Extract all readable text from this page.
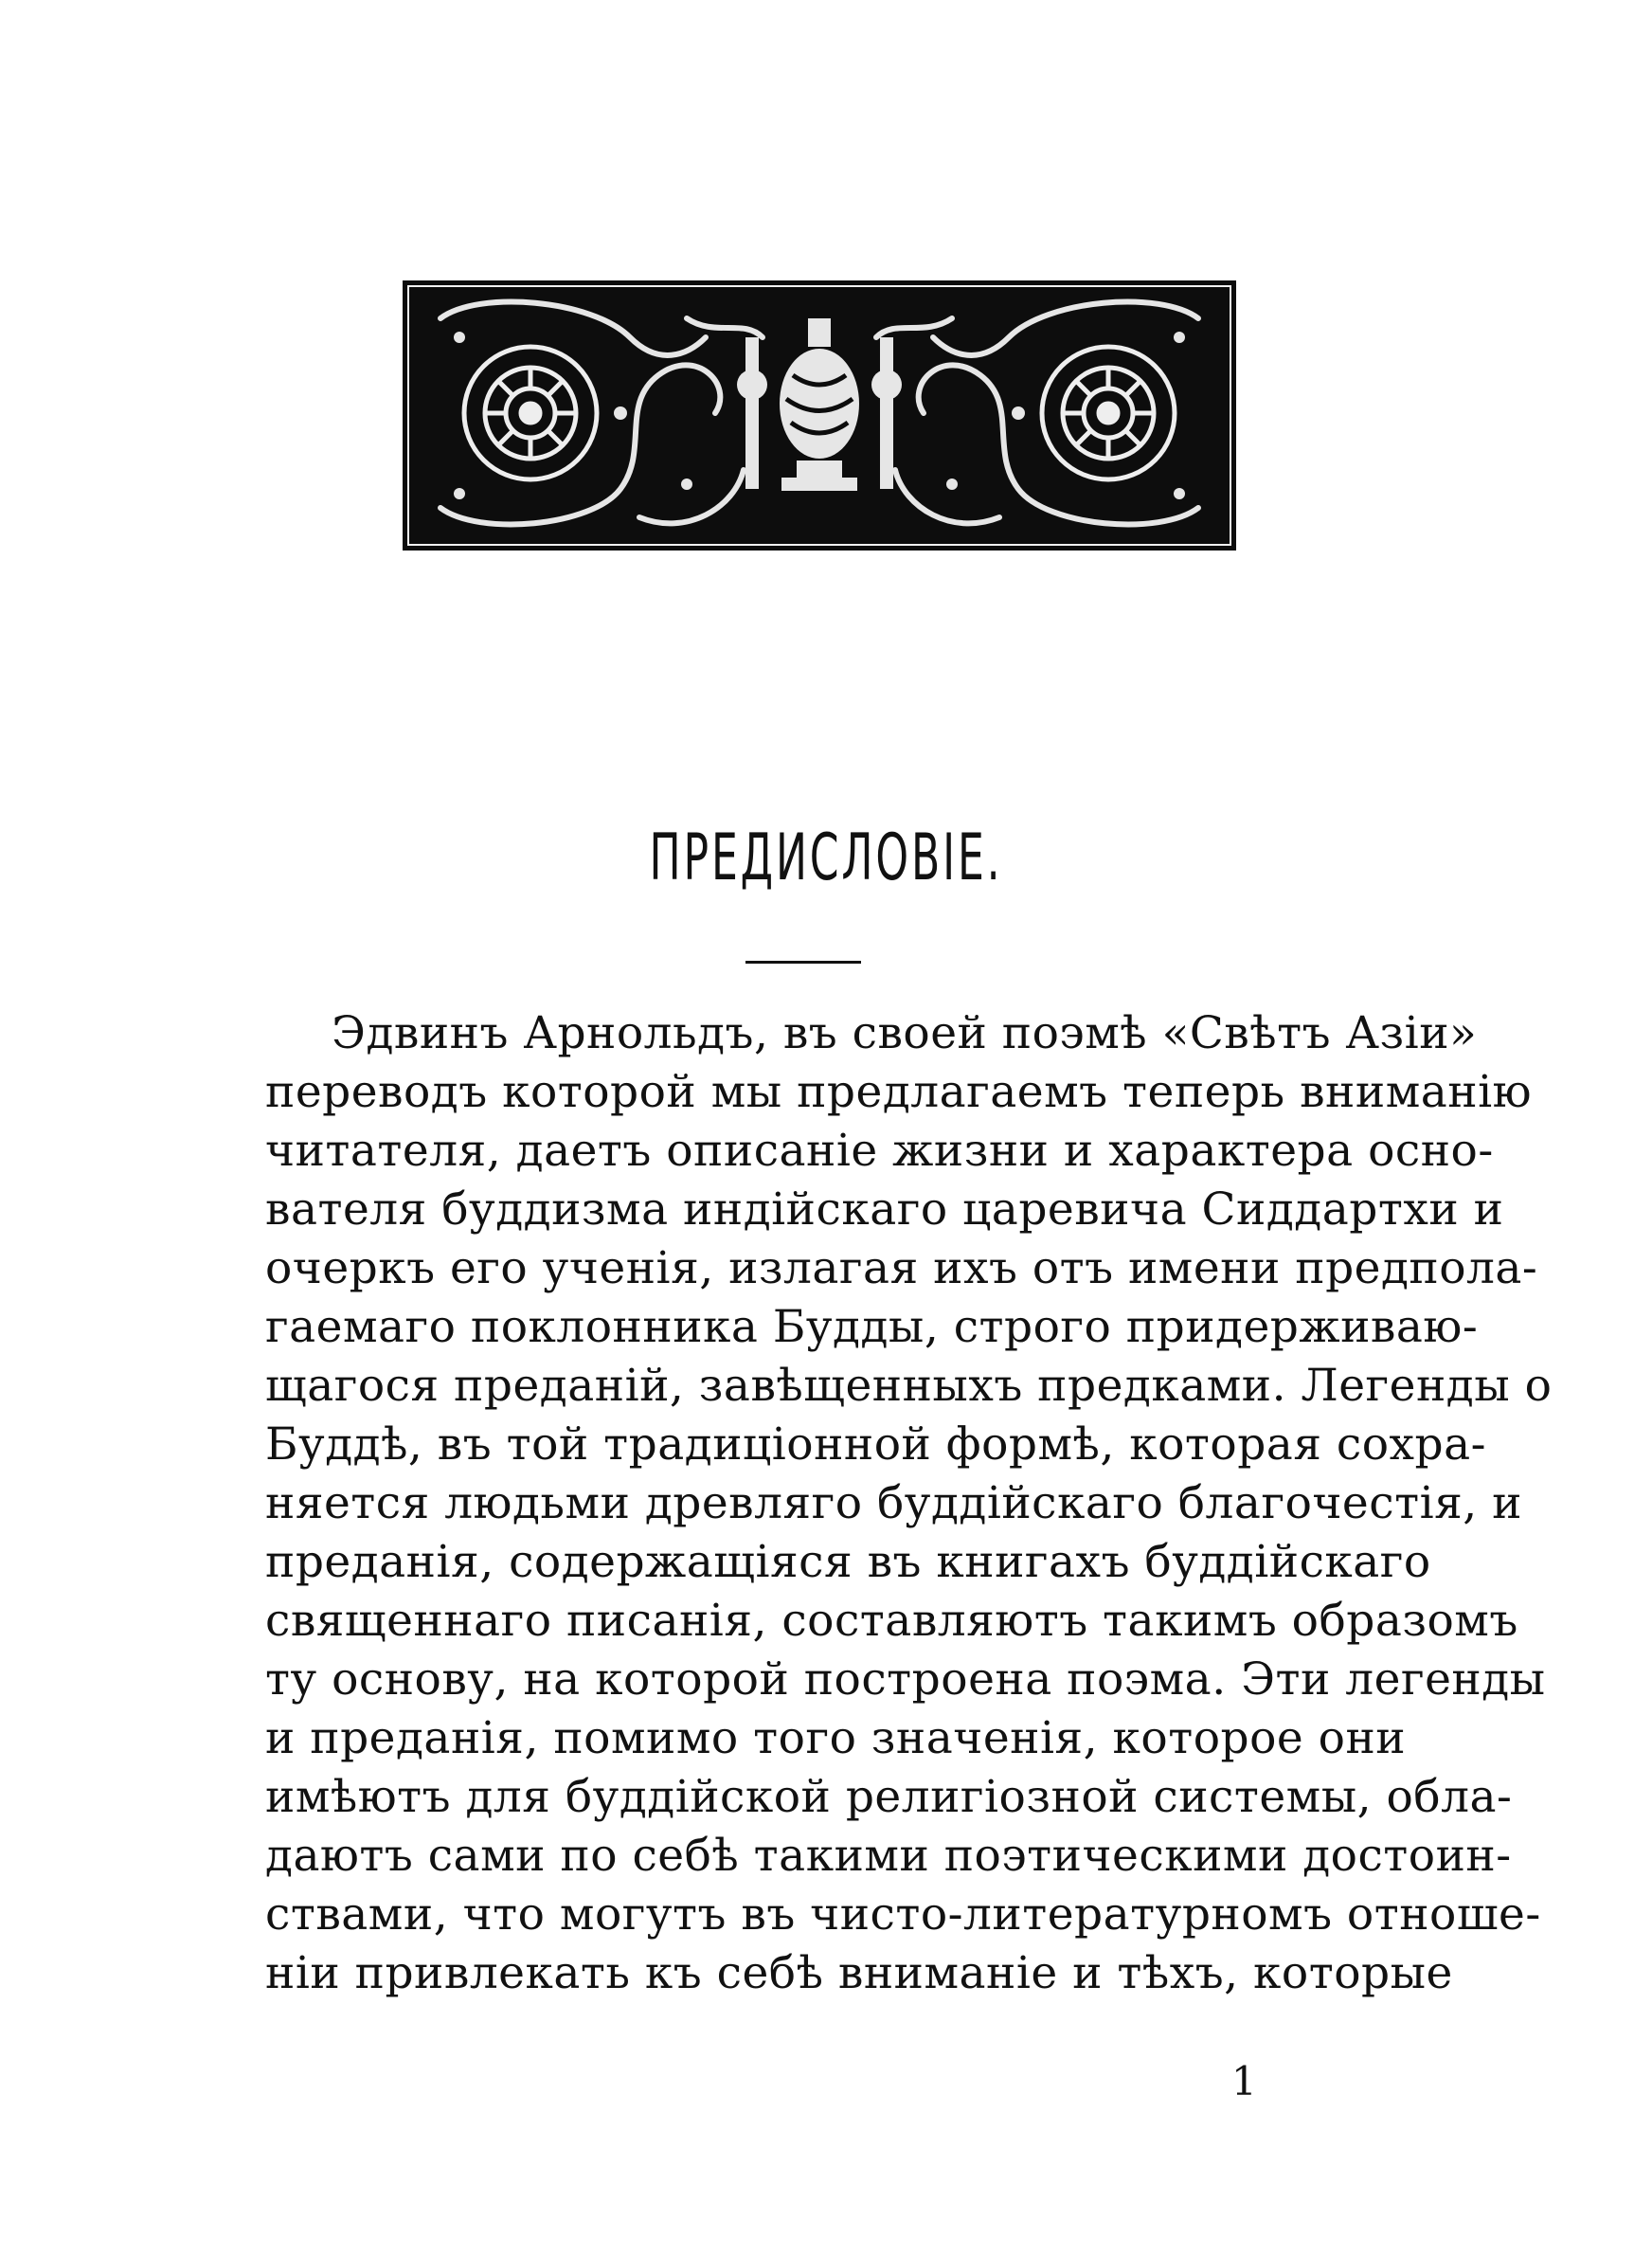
ПРЕДИСЛОВІЕ.
Эдвинъ Арнольдъ, въ своей поэмѣ «Свѣтъ Азіи»
переводъ которой мы предлагаемъ теперь вниманію
читателя, даетъ описаніе жизни и характера осно-
вателя буддизма индійскаго царевича Сиддартхи и
очеркъ его ученія, излагая ихъ отъ имени предпола-
гаемаго поклонника Будды, строго придерживаю-
щагося преданій, завѣщенныхъ предками. Легенды о
Буддѣ, въ той традиціонной формѣ, которая сохра-
няется людьми древляго буддійскаго благочестія, и
преданія, содержащіяся въ книгахъ буддійскаго
священнаго писанія, составляютъ такимъ образомъ
ту основу, на которой построена поэма. Эти легенды
и преданія, помимо того значенія, которое они
имѣютъ для буддійской религіозной системы, обла-
даютъ сами по себѣ такими поэтическими достоин-
ствами, что могутъ въ чисто-литературномъ отноше-
ніи привлекать къ себѣ вниманіе и тѣхъ, которые
1
